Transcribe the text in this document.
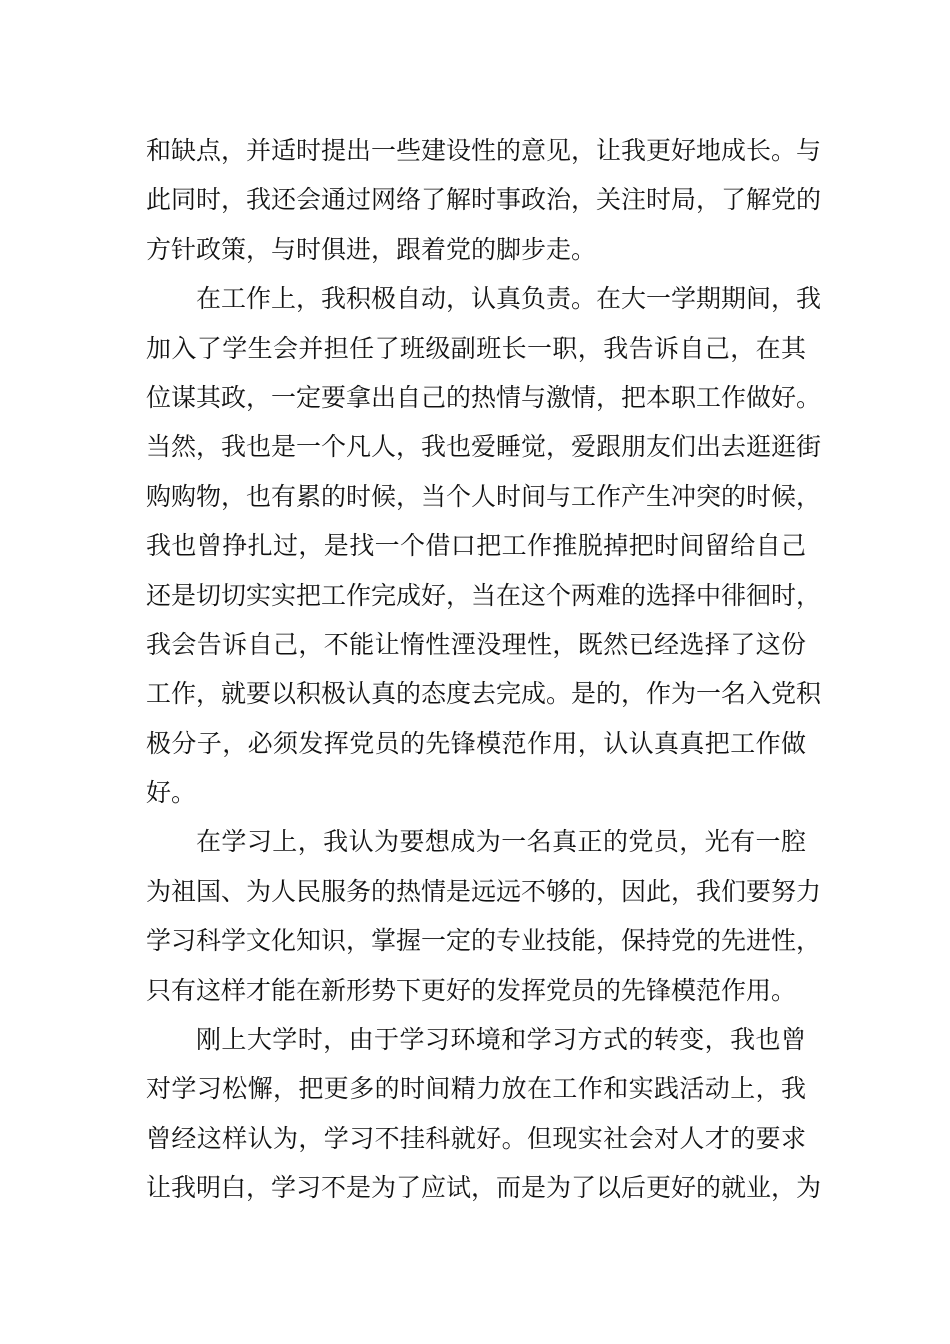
和缺点，并适时提出一些建设性的意见，让我更好地成长。与
此同时，我还会通过网络了解时事政治，关注时局，了解党的
方针政策，与时俱进，跟着党的脚步走。
在工作上，我积极自动，认真负责。在大一学期期间，我
加入了学生会并担任了班级副班长一职，我告诉自己，在其
位谋其政，一定要拿出自己的热情与激情，把本职工作做好。
当然，我也是一个凡人，我也爱睡觉，爱跟朋友们出去逛逛街
购购物，也有累的时候，当个人时间与工作产生冲突的时候，
我也曾挣扎过，是找一个借口把工作推脱掉把时间留给自己
还是切切实实把工作完成好，当在这个两难的选择中徘徊时，
我会告诉自己，不能让惰性湮没理性，既然已经选择了这份
工作，就要以积极认真的态度去完成。是的，作为一名入党积
极分子，必须发挥党员的先锋模范作用，认认真真把工作做
好。
在学习上，我认为要想成为一名真正的党员，光有一腔
为祖国、为人民服务的热情是远远不够的，因此，我们要努力
学习科学文化知识，掌握一定的专业技能，保持党的先进性，
只有这样才能在新形势下更好的发挥党员的先锋模范作用。
刚上大学时，由于学习环境和学习方式的转变，我也曾
对学习松懈，把更多的时间精力放在工作和实践活动上，我
曾经这样认为，学习不挂科就好。但现实社会对人才的要求
让我明白，学习不是为了应试，而是为了以后更好的就业，为
